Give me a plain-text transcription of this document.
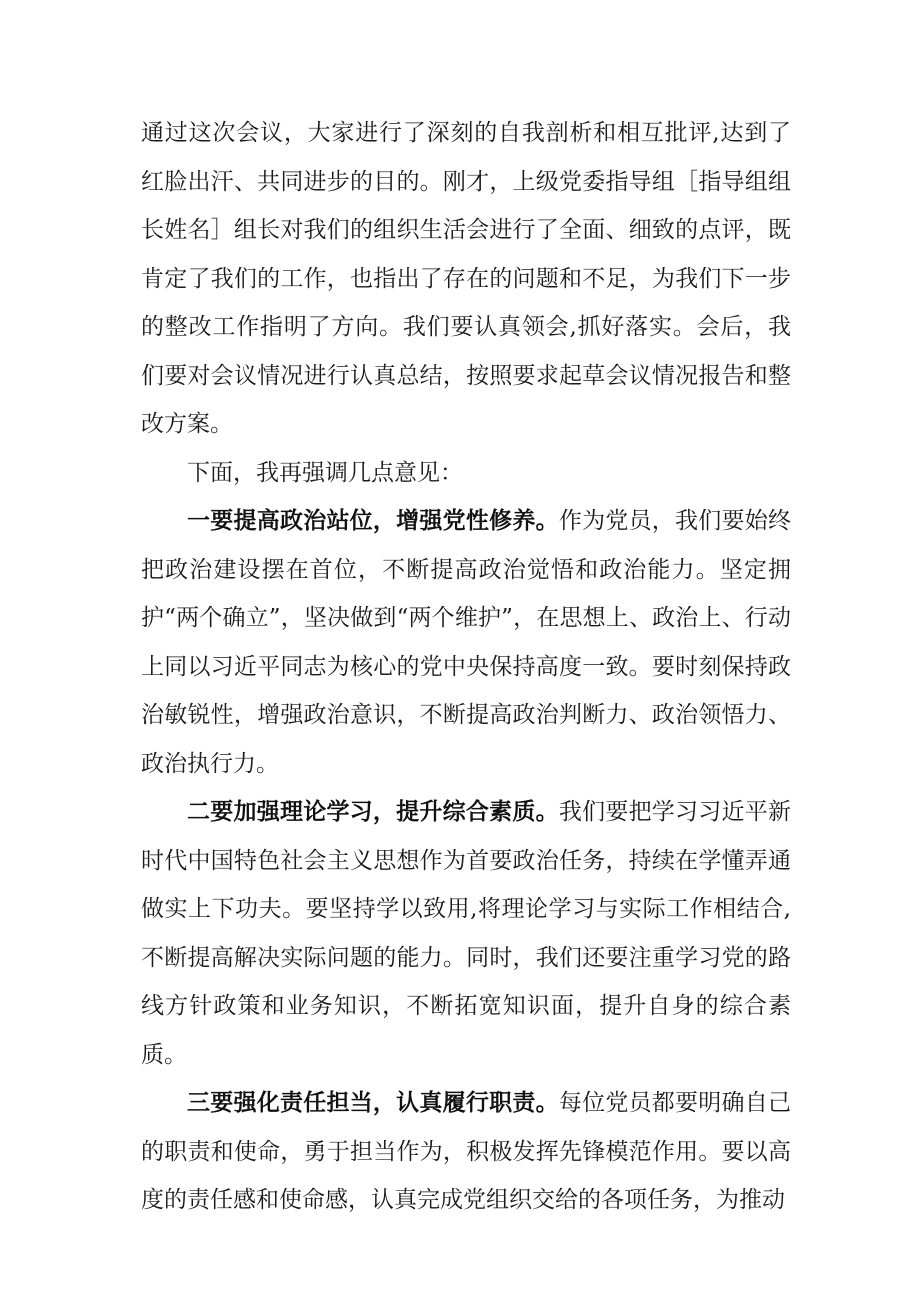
通过这次会议，大家进行了深刻的自我剖析和相互批评,达到了红脸出汗、共同进步的目的。刚才，上级党委指导组［指导组组长姓名］组长对我们的组织生活会进行了全面、细致的点评，既肯定了我们的工作，也指出了存在的问题和不足，为我们下一步的整改工作指明了方向。我们要认真领会,抓好落实。会后，我们要对会议情况进行认真总结，按照要求起草会议情况报告和整改方案。

下面，我再强调几点意见：

一要提高政治站位，增强党性修养。作为党员，我们要始终把政治建设摆在首位，不断提高政治觉悟和政治能力。坚定拥护“两个确立”，坚决做到“两个维护”，在思想上、政治上、行动上同以习近平同志为核心的党中央保持高度一致。要时刻保持政治敏锐性，增强政治意识，不断提高政治判断力、政治领悟力、政治执行力。

二要加强理论学习，提升综合素质。我们要把学习习近平新时代中国特色社会主义思想作为首要政治任务，持续在学懂弄通做实上下功夫。要坚持学以致用,将理论学习与实际工作相结合,不断提高解决实际问题的能力。同时，我们还要注重学习党的路线方针政策和业务知识，不断拓宽知识面，提升自身的综合素质。

三要强化责任担当，认真履行职责。每位党员都要明确自己的职责和使命，勇于担当作为，积极发挥先锋模范作用。要以高度的责任感和使命感，认真完成党组织交给的各项任务，为推动
